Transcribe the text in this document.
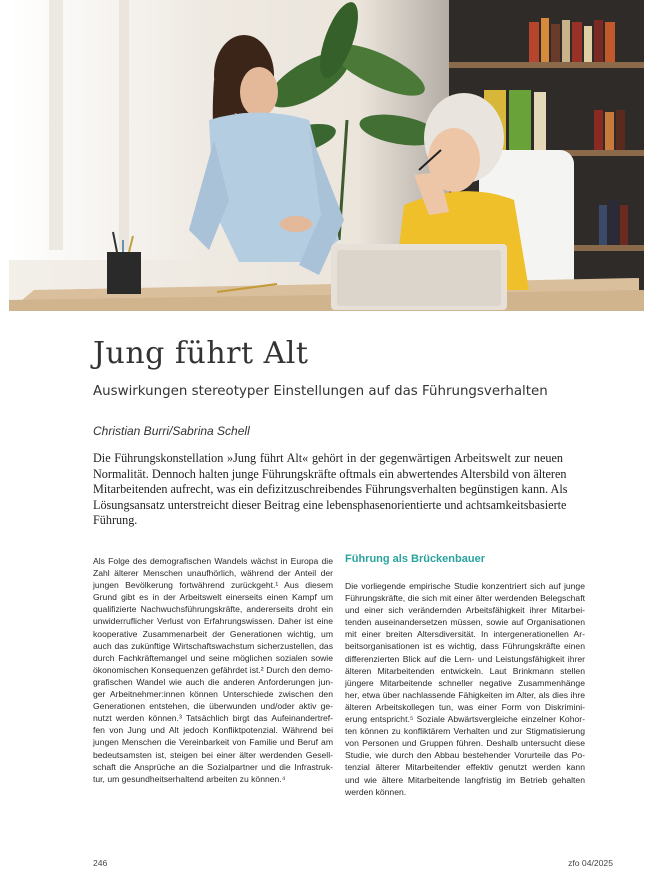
Jung führt Alt
Auswirkungen stereotyper Einstellungen auf das Führungsverhalten
Christian Burri/Sabrina Schell
Die Führungskonstellation »Jung führt Alt« gehört in der gegenwärtigen Arbeitswelt zur neuen
Normalität. Dennoch halten junge Führungskräfte oftmals ein abwertendes Altersbild von älteren
Mitarbeitenden aufrecht, was ein defizitzuschreibendes Führungsverhalten begünstigen kann. Als
Lösungsansatz unterstreicht dieser Beitrag eine lebensphasenorientierte und achtsamkeitsbasierte
Führung.
Als Folge des demografischen Wandels wächst in Europa die
Zahl älterer Menschen unaufhörlich, während der Anteil der
jungen Bevölkerung fortwährend zurückgeht.¹ Aus diesem
Grund gibt es in der Arbeitswelt einerseits einen Kampf um
qualifizierte Nachwuchsführungskräfte, andererseits droht ein
unwiderruflicher Verlust von Erfahrungswissen. Daher ist eine
kooperative Zusammenarbeit der Generationen wichtig, um
auch das zukünftige Wirtschaftswachstum sicherzustellen, das
durch Fachkräftemangel und seine möglichen sozialen sowie
ökonomischen Konsequenzen gefährdet ist.² Durch den demo-
grafischen Wandel wie auch die anderen Anforderungen jun-
ger Arbeitnehmer:innen können Unterschiede zwischen den
Generationen entstehen, die überwunden und/oder aktiv ge-
nutzt werden können.³ Tatsächlich birgt das Aufeinandertref-
fen von Jung und Alt jedoch Konfliktpotenzial. Während bei
jungen Menschen die Vereinbarkeit von Familie und Beruf am
bedeutsamsten ist, steigen bei einer älter werdenden Gesell-
schaft die Ansprüche an die Sozialpartner und die Infrastruk-
tur, um gesundheitserhaltend arbeiten zu können.⁴
Führung als Brückenbauer
Die vorliegende empirische Studie konzentriert sich auf junge
Führungskräfte, die sich mit einer älter werdenden Belegschaft
und einer sich verändernden Arbeitsfähigkeit ihrer Mitarbei-
tenden auseinandersetzen müssen, sowie auf Organisationen
mit einer breiten Altersdiversität. In intergenerationellen Ar-
beitsorganisationen ist es wichtig, dass Führungskräfte einen
differenzierten Blick auf die Lern- und Leistungsfähigkeit ihrer
älteren Mitarbeitenden entwickeln. Laut Brinkmann stellen
jüngere Mitarbeitende schneller negative Zusammenhänge
her, etwa über nachlassende Fähigkeiten im Alter, als dies ihre
älteren Arbeitskollegen tun, was einer Form von Diskrimini-
erung entspricht.⁵ Soziale Abwärtsvergleiche einzelner Kohor-
ten können zu konfliktärem Verhalten und zur Stigmatisierung
von Personen und Gruppen führen. Deshalb untersucht diese
Studie, wie durch den Abbau bestehender Vorurteile das Po-
tenzial älterer Mitarbeitender effektiv genutzt werden kann
und wie ältere Mitarbeitende langfristig im Betrieb gehalten
werden können.
246	zfo 04/2025
